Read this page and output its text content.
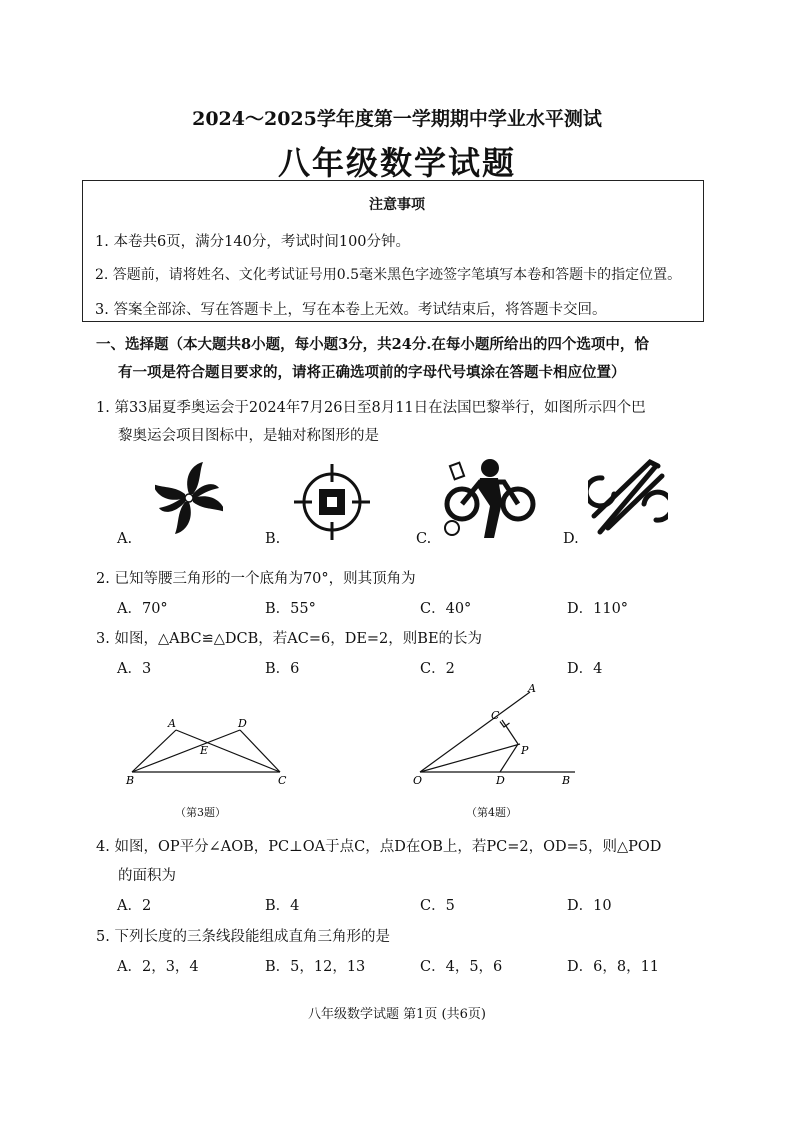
2024～2025学年度第一学期期中学业水平测试
八年级数学试题
注意事项
1. 本卷共6页，满分140分，考试时间100分钟。
2. 答题前，请将姓名、文化考试证号用0.5毫米黑色字迹签字笔填写本卷和答题卡的指定位置。
3. 答案全部涂、写在答题卡上，写在本卷上无效。考试结束后，将答题卡交回。
一、选择题（本大题共8小题，每小题3分，共24分.在每小题所给出的四个选项中，恰
有一项是符合题目要求的，请将正确选项前的字母代号填涂在答题卡相应位置）
1. 第33届夏季奥运会于2024年7月26日至8月11日在法国巴黎举行，如图所示四个巴
黎奥运会项目图标中，是轴对称图形的是
A.	B.	C.	D.
2. 已知等腰三角形的一个底角为70°，则其顶角为
A．70°	B．55°	C．40°	D．110°
3. 如图，△ABC≌△DCB，若AC=6，DE=2，则BE的长为
A．3	B．6	C．2	D．4
A	D
E
B	C
（第3题）
A
C
P
O	D	B
（第4题）
4. 如图，OP平分∠AOB，PC⊥OA于点C，点D在OB上，若PC=2，OD=5，则△POD
的面积为
A．2	B．4	C．5	D．10
5. 下列长度的三条线段能组成直角三角形的是
A．2，3，4	B．5，12，13	C．4，5，6	D．6，8，11
八年级数学试题 第1页 (共6页)
